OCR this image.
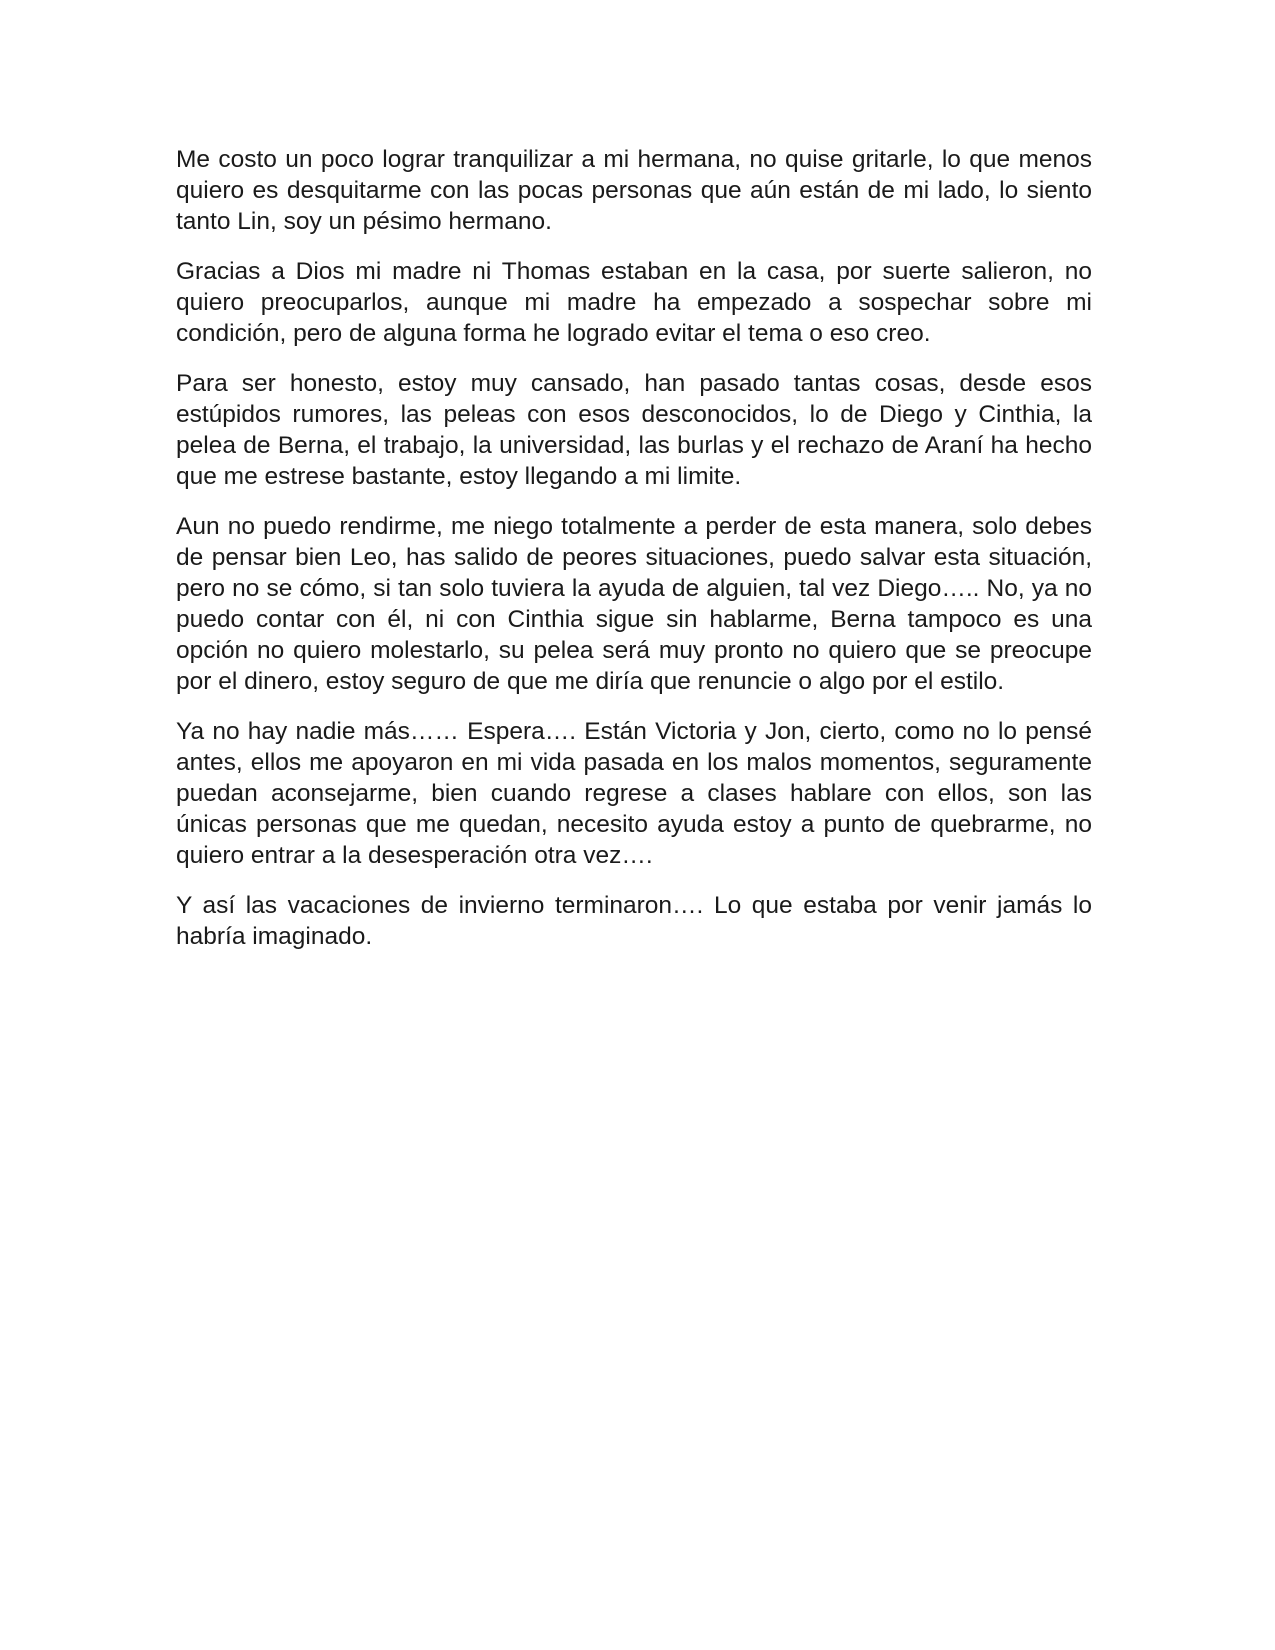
Me costo un poco lograr tranquilizar a mi hermana, no quise gritarle, lo que menos quiero es desquitarme con las pocas personas que aún están de mi lado, lo siento tanto Lin, soy un pésimo hermano.

Gracias a Dios mi madre ni Thomas estaban en la casa, por suerte salieron, no quiero preocuparlos, aunque mi madre ha empezado a sospechar sobre mi condición, pero de alguna forma he logrado evitar el tema o eso creo.

Para ser honesto, estoy muy cansado, han pasado tantas cosas, desde esos estúpidos rumores, las peleas con esos desconocidos, lo de Diego y Cinthia, la pelea de Berna, el trabajo, la universidad, las burlas y el rechazo de Araní ha hecho que me estrese bastante, estoy llegando a mi limite.

Aun no puedo rendirme, me niego totalmente a perder de esta manera, solo debes de pensar bien Leo, has salido de peores situaciones, puedo salvar esta situación, pero no se cómo, si tan solo tuviera la ayuda de alguien, tal vez Diego….. No, ya no puedo contar con él, ni con Cinthia sigue sin hablarme, Berna tampoco es una opción no quiero molestarlo, su pelea será muy pronto no quiero que se preocupe por el dinero, estoy seguro de que me diría que renuncie o algo por el estilo.

Ya no hay nadie más…… Espera…. Están Victoria y Jon, cierto, como no lo pensé antes, ellos me apoyaron en mi vida pasada en los malos momentos, seguramente puedan aconsejarme, bien cuando regrese a clases hablare con ellos, son las únicas personas que me quedan, necesito ayuda estoy a punto de quebrarme, no quiero entrar a la desesperación otra vez….

Y así las vacaciones de invierno terminaron…. Lo que estaba por venir jamás lo habría imaginado.
